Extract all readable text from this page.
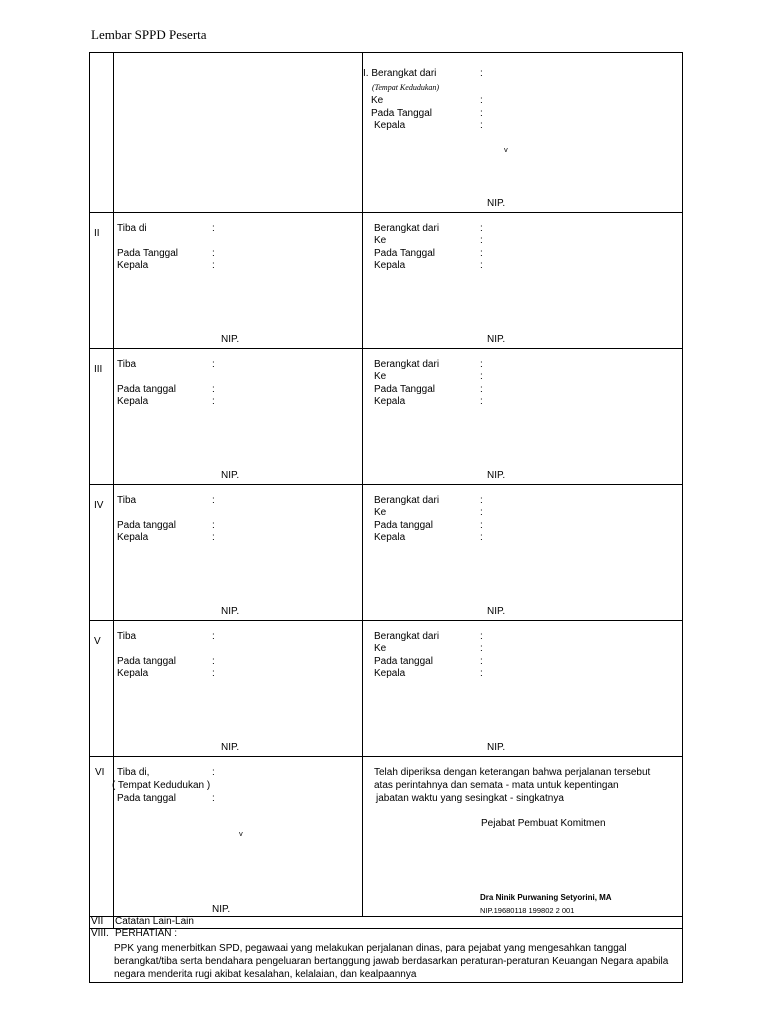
Lembar SPPD Peserta
I. Berangkat dari	:
(Tempat Kedudukan)
Ke	:
Pada Tanggal	:
Kepala	:
v
NIP.
II Tiba di	:
Pada Tanggal	:
Kepala	:
NIP.
Berangkat dari	:
Ke	:
Pada Tanggal	:
Kepala	:
NIP.
III Tiba	:
Pada tanggal	:
Kepala	:
NIP.
Berangkat dari	:
Ke	:
Pada Tanggal	:
Kepala	:
NIP.
IV Tiba	:
Pada tanggal	:
Kepala	:
NIP.
Berangkat dari	:
Ke	:
Pada tanggal	:
Kepala	:
NIP.
V Tiba	:
Pada tanggal	:
Kepala	:
NIP.
Berangkat dari	:
Ke	:
Pada tanggal	:
Kepala	:
NIP.
VI Tiba di,	:
( Tempat Kedudukan )
Pada tanggal	:
v
NIP.
Telah diperiksa dengan keterangan bahwa perjalanan tersebut
atas perintahnya dan semata - mata untuk kepentingan
jabatan waktu yang sesingkat - singkatnya
Pejabat Pembuat Komitmen
Dra Ninik Purwaning Setyorini, MA
NIP.19680118 199802 2 001
VII Catatan Lain-Lain
VIII. PERHATIAN :
PPK yang menerbitkan SPD, pegawaai yang melakukan perjalanan dinas, para pejabat yang mengesahkan tanggal
berangkat/tiba serta bendahara pengeluaran bertanggung jawab berdasarkan peraturan-peraturan Keuangan Negara apabila
negara menderita rugi akibat kesalahan, kelalaian, dan kealpaannya
